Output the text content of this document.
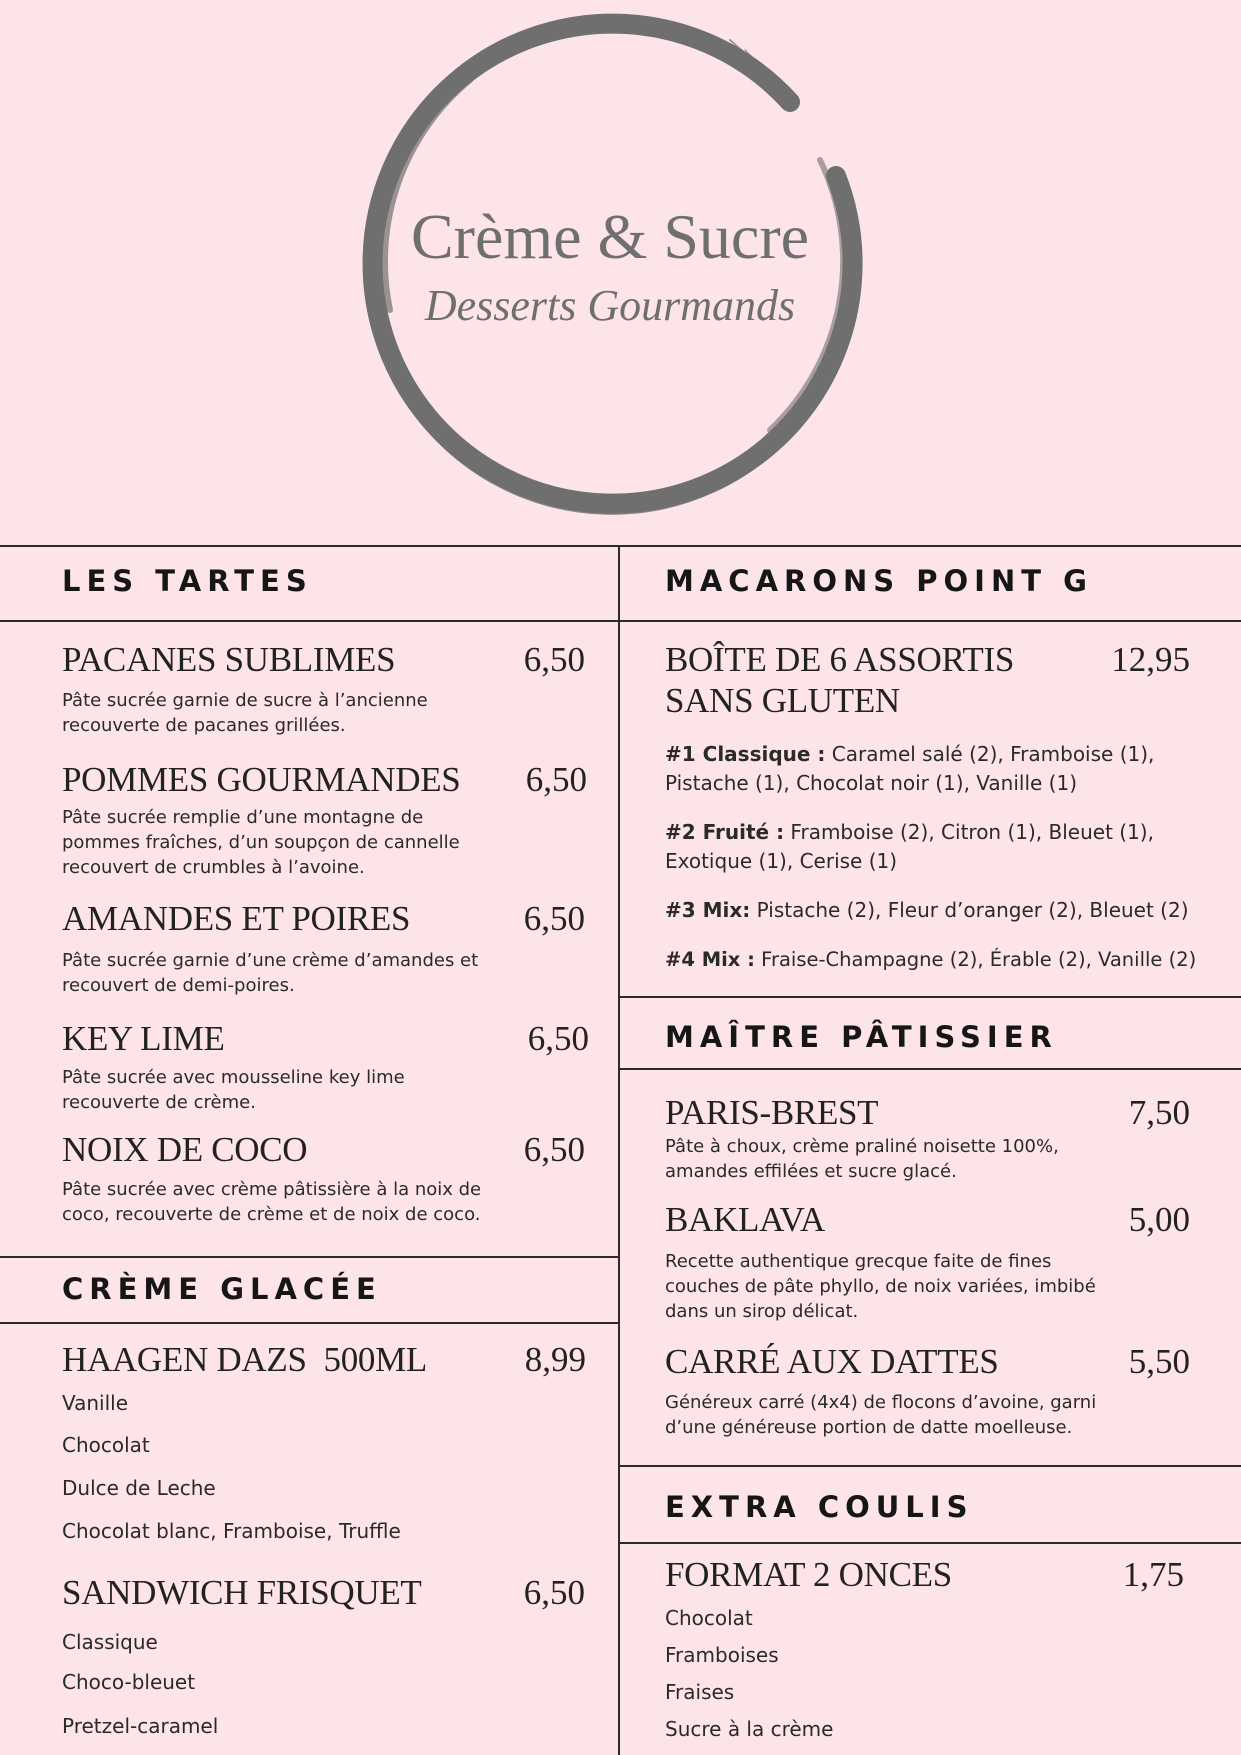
Crème & Sucre
Desserts Gourmands
LES TARTES
PACANES SUBLIMES	6,50
Pâte sucrée garnie de sucre à l’ancienne recouverte de pacanes grillées.
POMMES GOURMANDES	6,50
Pâte sucrée remplie d’une montagne de pommes fraîches, d’un soupçon de cannelle recouvert de crumbles à l’avoine.
AMANDES ET POIRES	6,50
Pâte sucrée garnie d’une crème d’amandes et recouvert de demi-poires.
KEY LIME	6,50
Pâte sucrée avec mousseline key lime recouverte de crème.
NOIX DE COCO	6,50
Pâte sucrée avec crème pâtissière à la noix de coco, recouverte de crème et de noix de coco.
CRÈME GLACÉE
HAAGEN DAZS  500ML	8,99
Vanille
Chocolat
Dulce de Leche
Chocolat blanc, Framboise, Truffle
SANDWICH FRISQUET	6,50
Classique
Choco-bleuet
Pretzel-caramel
MACARONS POINT G
BOÎTE DE 6 ASSORTIS
SANS GLUTEN
12,95
#1 Classique : Caramel salé (2), Framboise (1), Pistache (1), Chocolat noir (1), Vanille (1)
#2 Fruité : Framboise (2), Citron (1), Bleuet (1), Exotique (1), Cerise (1)
#3 Mix: Pistache (2), Fleur d’oranger (2), Bleuet (2)
#4 Mix : Fraise-Champagne (2), Érable (2), Vanille (2)
MAÎTRE PÂTISSIER
PARIS-BREST	7,50
Pâte à choux, crème praliné noisette 100%, amandes effilées et sucre glacé.
BAKLAVA	5,00
Recette authentique grecque faite de fines couches de pâte phyllo, de noix variées, imbibé dans un sirop délicat.
CARRÉ AUX DATTES	5,50
Généreux carré (4x4) de flocons d’avoine, garni d’une généreuse portion de datte moelleuse.
EXTRA COULIS
FORMAT 2 ONCES	1,75
Chocolat
Framboises
Fraises
Sucre à la crème
